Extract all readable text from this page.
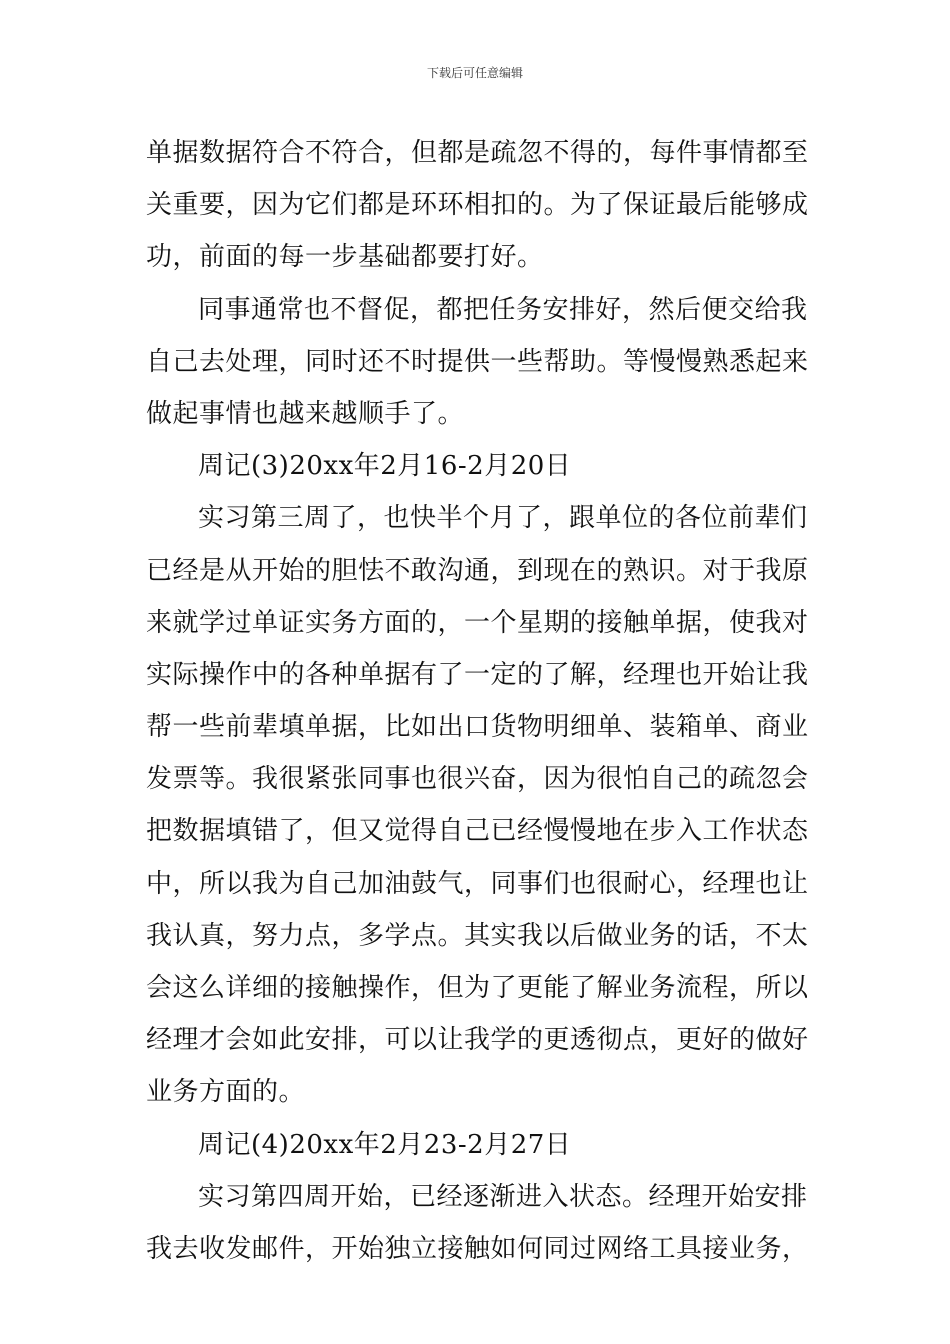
下载后可任意编辑
单据数据符合不符合，但都是疏忽不得的，每件事情都至
关重要，因为它们都是环环相扣的。为了保证最后能够成
功，前面的每一步基础都要打好。
同事通常也不督促，都把任务安排好，然后便交给我
自己去处理，同时还不时提供一些帮助。等慢慢熟悉起来
做起事情也越来越顺手了。
周记(3)20xx年2月16-2月20日
实习第三周了，也快半个月了，跟单位的各位前辈们
已经是从开始的胆怯不敢沟通，到现在的熟识。对于我原
来就学过单证实务方面的，一个星期的接触单据，使我对
实际操作中的各种单据有了一定的了解，经理也开始让我
帮一些前辈填单据，比如出口货物明细单、装箱单、商业
发票等。我很紧张同事也很兴奋，因为很怕自己的疏忽会
把数据填错了，但又觉得自己已经慢慢地在步入工作状态
中，所以我为自己加油鼓气，同事们也很耐心，经理也让
我认真，努力点，多学点。其实我以后做业务的话，不太
会这么详细的接触操作，但为了更能了解业务流程，所以
经理才会如此安排，可以让我学的更透彻点，更好的做好
业务方面的。
周记(4)20xx年2月23-2月27日
实习第四周开始，已经逐渐进入状态。经理开始安排
我去收发邮件，开始独立接触如何同过网络工具接业务，
